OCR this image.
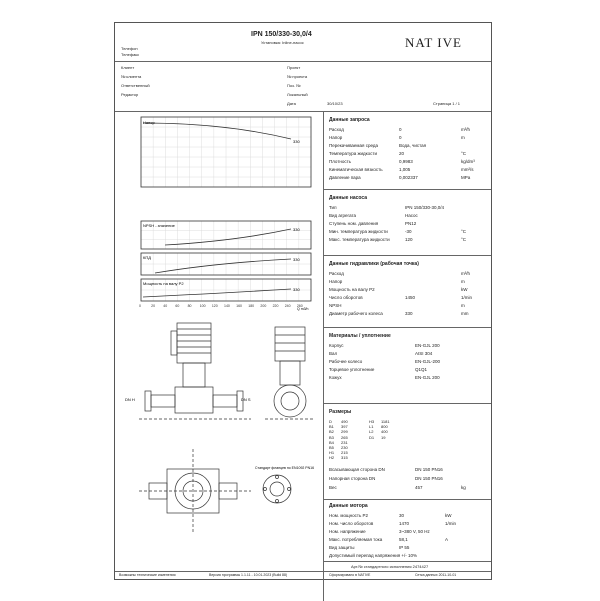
IPN 150/330-30,0/4
Установка: Inline-насос	NAT IVE
Телефон
Телефакс
Клиент
№ клиента
Ответственный
Редактор
Проект
№ проекта
Поз. №
Локальный
Дата	30/10/23	Страница 1 / 1
Напор
NPSH - значение
КПД
Мощность на валу P2
330
330
330
330
0	20 40 60 80 100 120 140 160 180 200 220 240 260
Q m3/h
Данные запроса
Расход	0	m³/h
Напор	0	m
Перекачиваемая среда	Вода, чистая
Температура жидкости	20	°C
Плотность	0,9983	kg/dm³
Кинематическая вязкость	1,005	mm²/s
Давление пара	0,002337	MPa
Данные насоса
Тип	IPN 150/330-30,0/4
Вид агрегата	Насос
Ступень ном. давления	PN12
Мин. температура жидкости	-30	°C
Макс. температура жидкости	120	°C
Данные гидравлики (рабочая точка)
Расход	m³/h
Напор	m
Мощность на валу P2	kW
Число оборотов	1450	1/min
NPSH	m
Диаметр рабочего колеса	330	mm
Материалы / уплотнение
Корпус	EN-GJL 200
Вал	AISI 304
Рабочее колесо	EN-GJL-200
Торцевое уплотнение	Q1Q1
Кожух	EN-GJL 200
Размеры
D 490
B1 397
B2 299
B3 265
B4 231
B5 230
H1 215
H2 315
H3 1181
L1 800
L2 400
D1 19
Всасывающая сторона DN	DN 150 PN16
Напорная сторона DN	DN 150 PN16
Вес	457	kg
Данные мотора
Ном. мощность P2	30	kW
Ном. число оборотов	1470	1/min
Ном. напряжение	3~380 V, 50 Hz
Макс. потребляемая тока	58,1	A
Вид защиты	IP 55
Допустимый перепад напряжения +/- 10%
Арт.№ стандартного исполнения 2474427
DN H	DN S
Стандарт фланцев по EN1092 PN16
Возможны технические изменения	Версия программы 1.1.11 - 10.01.2023 (Build 88)	Сформировано в NATIVE	Сетка данных 2011-10-01
